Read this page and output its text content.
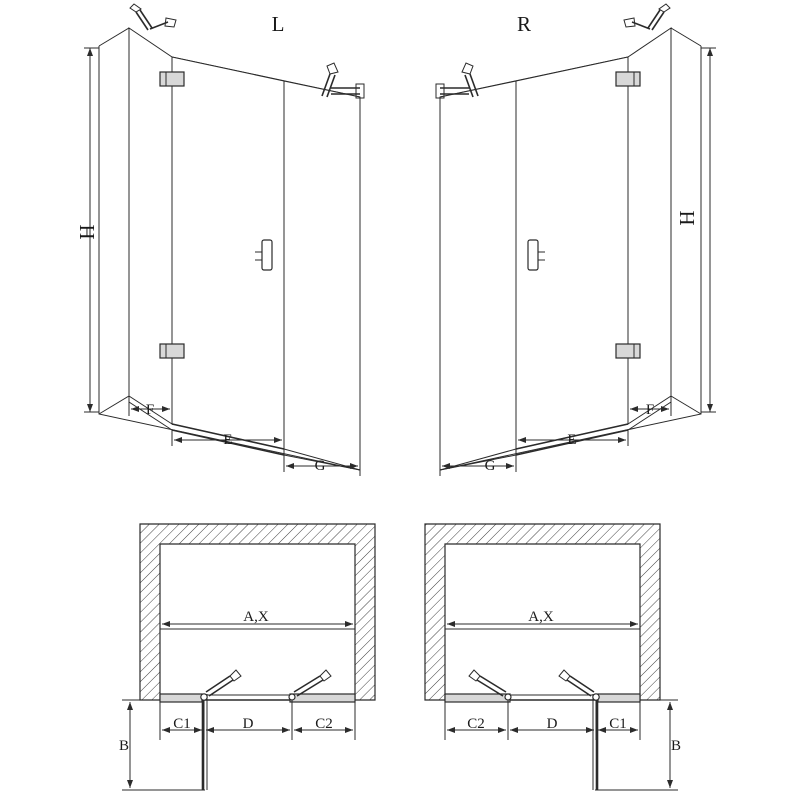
H
F
E
G
L
H
F
E
G
R
A,X
C1	D	C2
B
A,X
C2	D	C1
B
